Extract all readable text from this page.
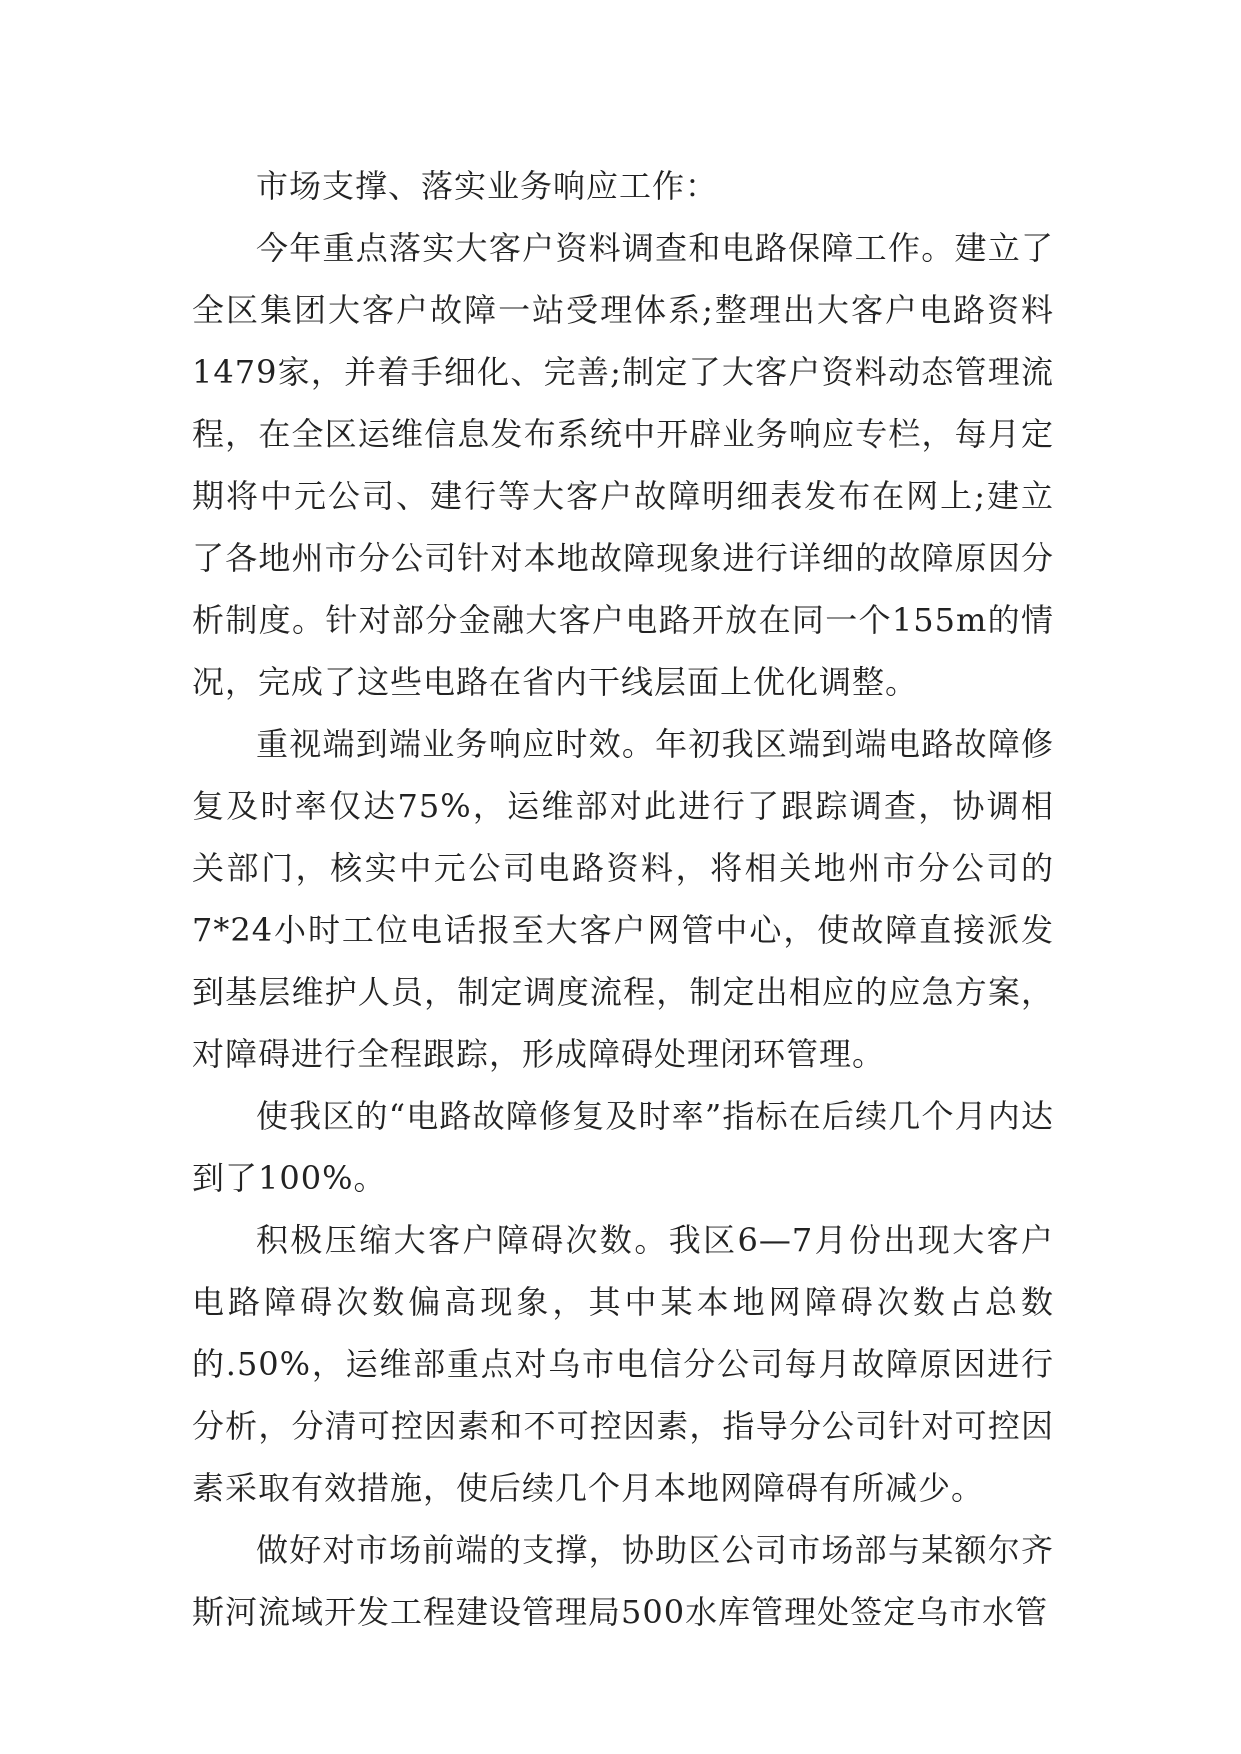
市场支撑、落实业务响应工作：

今年重点落实大客户资料调查和电路保障工作。建立了全区集团大客户故障一站受理体系;整理出大客户电路资料1479家，并着手细化、完善;制定了大客户资料动态管理流程，在全区运维信息发布系统中开辟业务响应专栏，每月定期将中元公司、建行等大客户故障明细表发布在网上;建立了各地州市分公司针对本地故障现象进行详细的故障原因分析制度。针对部分金融大客户电路开放在同一个155m的情况，完成了这些电路在省内干线层面上优化调整。

重视端到端业务响应时效。年初我区端到端电路故障修复及时率仅达75%，运维部对此进行了跟踪调查，协调相关部门，核实中元公司电路资料，将相关地州市分公司的7*24小时工位电话报至大客户网管中心，使故障直接派发到基层维护人员，制定调度流程，制定出相应的应急方案，对障碍进行全程跟踪，形成障碍处理闭环管理。

使我区的“电路故障修复及时率”指标在后续几个月内达到了100%。

积极压缩大客户障碍次数。我区6—7月份出现大客户电路障碍次数偏高现象，其中某本地网障碍次数占总数的.50%，运维部重点对乌市电信分公司每月故障原因进行分析，分清可控因素和不可控因素，指导分公司针对可控因素采取有效措施，使后续几个月本地网障碍有所减少。

做好对市场前端的支撑，协助区公司市场部与某额尔齐斯河流域开发工程建设管理局500水库管理处签定乌市水管
